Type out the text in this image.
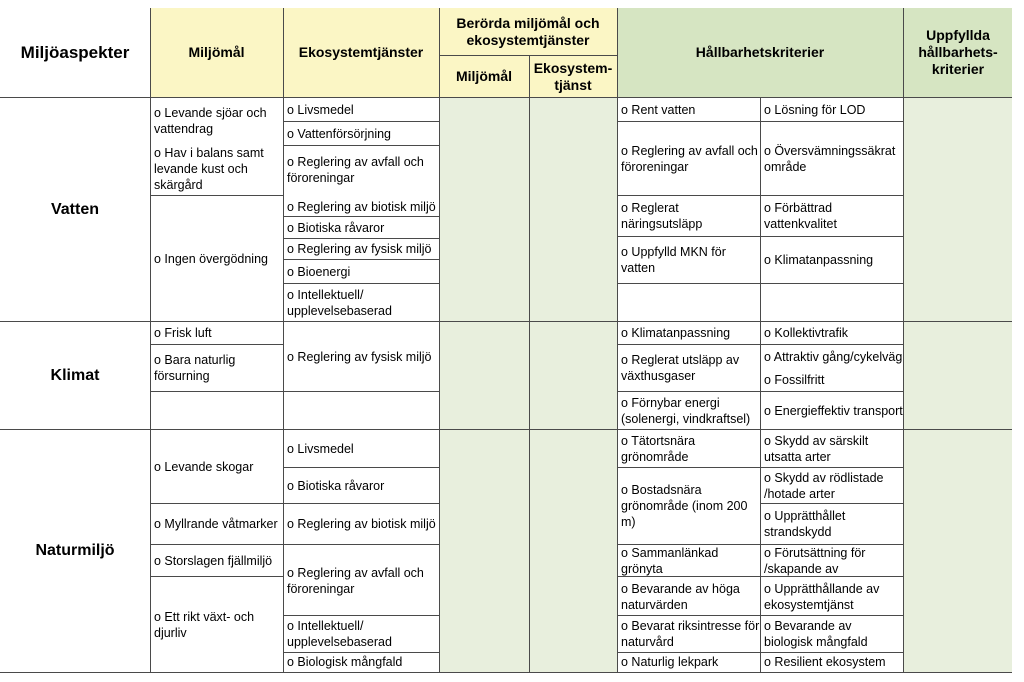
Miljöaspekter	Miljömål	Ekosystemtjänster
Berörda miljömål och ekosystemtjänster
Miljömål
Ekosystem-tjänst
Hållbarhetskriterier
Uppfyllda hållbarhets-kriterier
Vatten
Klimat
Naturmiljö
o Levande sjöar och vattendrag
o Hav i balans samt levande kust och skärgård
o Ingen övergödning
o Frisk luft
o Bara naturlig försurning
o Levande skogar
o Myllrande våtmarker
o Storslagen fjällmiljö
o Ett rikt växt- och djurliv
o Livsmedel
o Vattenförsörjning
o Reglering av avfall och föroreningar
o Reglering av biotisk miljö
o Biotiska råvaror
o Reglering av fysisk miljö
o Bioenergi
o Intellektuell/ upplevelsebaserad
o Reglering av fysisk miljö
o Livsmedel
o Biotiska råvaror
o Reglering av biotisk miljö
o Reglering av avfall och föroreningar
o Intellektuell/ upplevelsebaserad
o Biologisk mångfald
o Rent vatten
o Reglering av avfall och föroreningar
o Reglerat näringsutsläpp
o Uppfylld MKN för vatten
o Klimatanpassning
o Reglerat utsläpp av växthusgaser
o Förnybar energi (solenergi, vindkraftsel)
o Tätortsnära grönområde
o Bostadsnära grönområde (inom 200 m)
o Sammanlänkad grönyta
o Bevarande av höga naturvärden
o Bevarat riksintresse för naturvård
o Naturlig lekpark
o Lösning för LOD
o Översvämningssäkrat område
o Förbättrad vattenkvalitet
o Klimatanpassning
o Kollektivtrafik
o Attraktiv gång/cykelväg
o Fossilfritt
o Energieffektiv transport
o Skydd av särskilt utsatta arter
o Skydd av rödlistade /hotade arter
o Upprätthållet strandskydd
o Förutsättning för /skapande av
o Upprätthållande av ekosystemtjänst
o Bevarande av biologisk mångfald
o Resilient ekosystem
